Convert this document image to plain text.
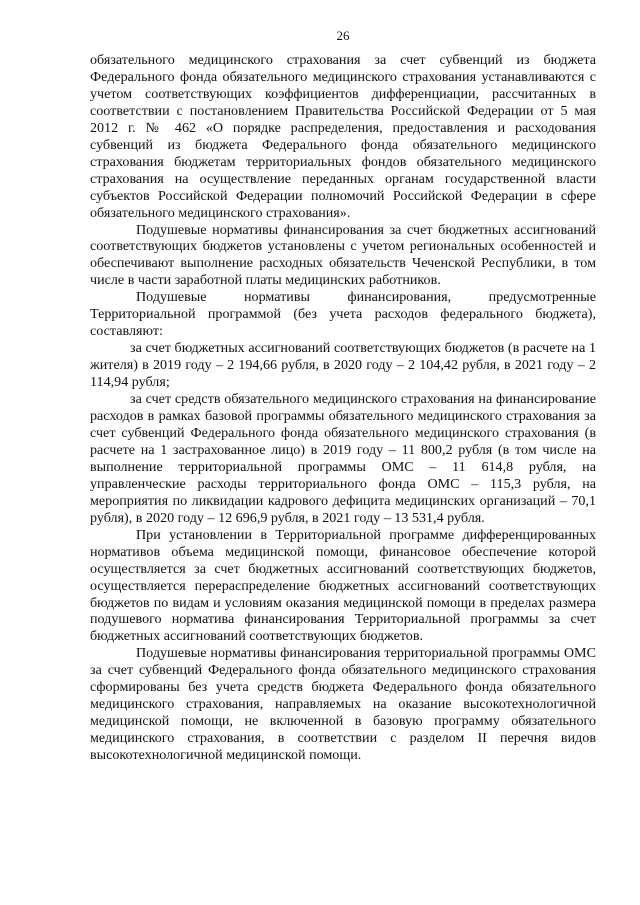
26

обязательного медицинского страхования за счет субвенций из бюджета Федерального фонда обязательного медицинского страхования устанавливаются с учетом соответствующих коэффициентов дифференциации, рассчитанных в соответствии с постановлением Правительства Российской Федерации от 5 мая 2012 г. № 462 «О порядке распределения, предоставления и расходования субвенций из бюджета Федерального фонда обязательного медицинского страхования бюджетам территориальных фондов обязательного медицинского страхования на осуществление переданных органам государственной власти субъектов Российской Федерации полномочий Российской Федерации в сфере обязательного медицинского страхования».

Подушевые нормативы финансирования за счет бюджетных ассигнований соответствующих бюджетов установлены с учетом региональных особенностей и обеспечивают выполнение расходных обязательств Чеченской Республики, в том числе в части заработной платы медицинских работников.

Подушевые нормативы финансирования, предусмотренные Территориальной программой (без учета расходов федерального бюджета), составляют:

за счет бюджетных ассигнований соответствующих бюджетов (в расчете на 1 жителя) в 2019 году – 2 194,66 рубля, в 2020 году – 2 104,42 рубля, в 2021 году – 2 114,94 рубля;

за счет средств обязательного медицинского страхования на финансирование расходов в рамках базовой программы обязательного медицинского страхования за счет субвенций Федерального фонда обязательного медицинского страхования (в расчете на 1 застрахованное лицо) в 2019 году – 11 800,2 рубля (в том числе на выполнение территориальной программы ОМС – 11 614,8 рубля, на управленческие расходы территориального фонда ОМС – 115,3 рубля, на мероприятия по ликвидации кадрового дефицита медицинских организаций – 70,1 рубля), в 2020 году – 12 696,9 рубля, в 2021 году – 13 531,4 рубля.

При установлении в Территориальной программе дифференцированных нормативов объема медицинской помощи, финансовое обеспечение которой осуществляется за счет бюджетных ассигнований соответствующих бюджетов, осуществляется перераспределение бюджетных ассигнований соответствующих бюджетов по видам и условиям оказания медицинской помощи в пределах размера подушевого норматива финансирования Территориальной программы за счет бюджетных ассигнований соответствующих бюджетов.

Подушевые нормативы финансирования территориальной программы ОМС за счет субвенций Федерального фонда обязательного медицинского страхования сформированы без учета средств бюджета Федерального фонда обязательного медицинского страхования, направляемых на оказание высокотехнологичной медицинской помощи, не включенной в базовую программу обязательного медицинского страхования, в соответствии с разделом II перечня видов высокотехнологичной медицинской помощи.
